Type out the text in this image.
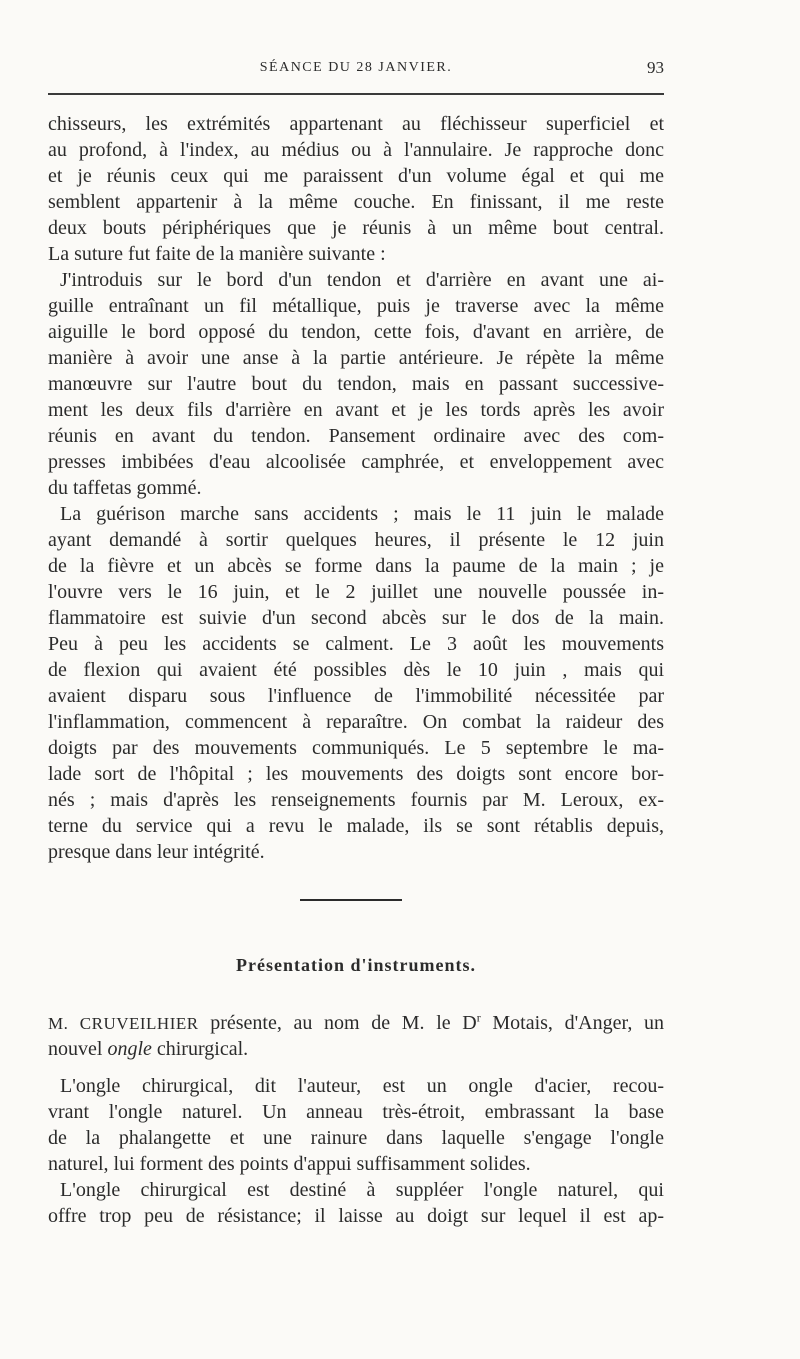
SÉANCE DU 28 JANVIER.	93
chisseurs, les extrémités appartenant au fléchisseur superficiel et
au profond, à l'index, au médius ou à l'annulaire. Je rapproche donc
et je réunis ceux qui me paraissent d'un volume égal et qui me
semblent appartenir à la même couche. En finissant, il me reste
deux bouts périphériques que je réunis à un même bout central.
La suture fut faite de la manière suivante :
J'introduis sur le bord d'un tendon et d'arrière en avant une ai-
guille entraînant un fil métallique, puis je traverse avec la même
aiguille le bord opposé du tendon, cette fois, d'avant en arrière, de
manière à avoir une anse à la partie antérieure. Je répète la même
manœuvre sur l'autre bout du tendon, mais en passant successive-
ment les deux fils d'arrière en avant et je les tords après les avoir
réunis en avant du tendon. Pansement ordinaire avec des com-
presses imbibées d'eau alcoolisée camphrée, et enveloppement avec
du taffetas gommé.
La guérison marche sans accidents ; mais le 11 juin le malade
ayant demandé à sortir quelques heures, il présente le 12 juin
de la fièvre et un abcès se forme dans la paume de la main ; je
l'ouvre vers le 16 juin, et le 2 juillet une nouvelle poussée in-
flammatoire est suivie d'un second abcès sur le dos de la main.
Peu à peu les accidents se calment. Le 3 août les mouvements
de flexion qui avaient été possibles dès le 10 juin , mais qui
avaient disparu sous l'influence de l'immobilité nécessitée par
l'inflammation, commencent à reparaître. On combat la raideur des
doigts par des mouvements communiqués. Le 5 septembre le ma-
lade sort de l'hôpital ; les mouvements des doigts sont encore bor-
nés ; mais d'après les renseignements fournis par M. Leroux, ex-
terne du service qui a revu le malade, ils se sont rétablis depuis,
presque dans leur intégrité.
Présentation d'instruments.
M. CRUVEILHIER présente, au nom de M. le $D^r$ Motais, d'Anger, un
nouvel ongle chirurgical.
L'ongle chirurgical, dit l'auteur, est un ongle d'acier, recou-
vrant l'ongle naturel. Un anneau très-étroit, embrassant la base
de la phalangette et une rainure dans laquelle s'engage l'ongle
naturel, lui forment des points d'appui suffisamment solides.
L'ongle chirurgical est destiné à suppléer l'ongle naturel, qui
offre trop peu de résistance; il laisse au doigt sur lequel il est ap-
